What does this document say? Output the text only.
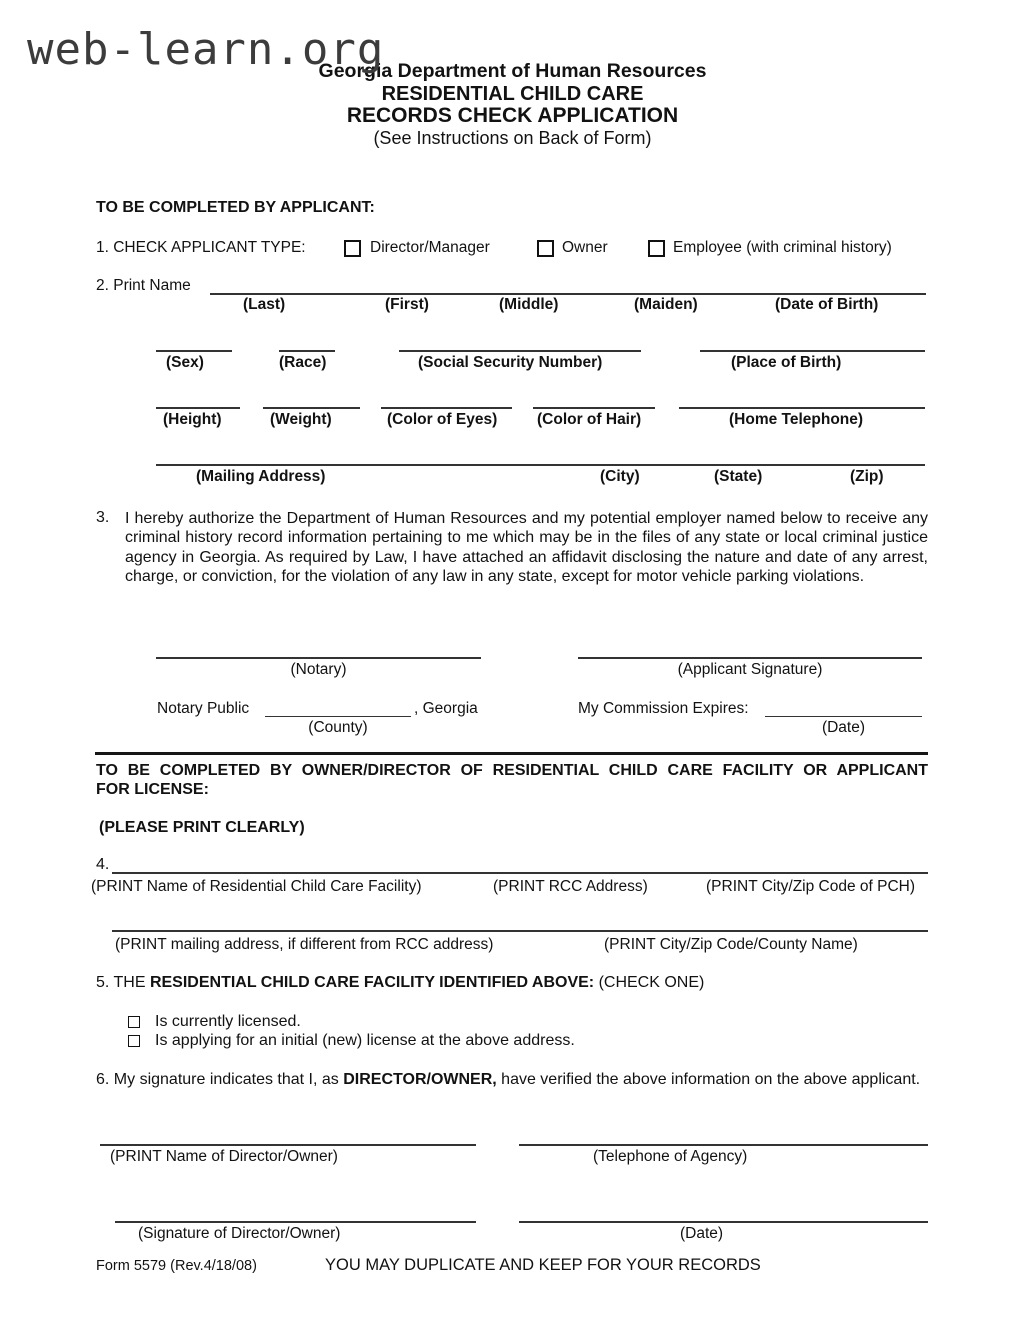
web-learn.org
Georgia Department of Human Resources
RESIDENTIAL CHILD CARE
RECORDS CHECK APPLICATION
(See Instructions on Back of Form)
TO BE COMPLETED BY APPLICANT:
1. CHECK APPLICANT TYPE:	Director/Manager	Owner	Employee (with criminal history)
2. Print Name
(Last)	(First)	(Middle)	(Maiden)	(Date of Birth)
(Sex)	(Race)	(Social Security Number)	(Place of Birth)
(Height)	(Weight)	(Color of Eyes)	(Color of Hair)	(Home Telephone)
(Mailing Address)	(City)	(State)	(Zip)
3. I hereby authorize the Department of Human Resources and my potential employer named below to receive any criminal history record information pertaining to me which may be in the files of any state or local criminal justice agency in Georgia. As required by Law, I have attached an affidavit disclosing the nature and date of any arrest, charge, or conviction, for the violation of any law in any state, except for motor vehicle parking violations.
(Notary)	(Applicant Signature)
Notary Public	, Georgia
(County)
My Commission Expires:
(Date)
TO BE COMPLETED BY OWNER/DIRECTOR OF RESIDENTIAL CHILD CARE FACILITY OR APPLICANT
FOR LICENSE:
(PLEASE PRINT CLEARLY)
4.
(PRINT Name of Residential Child Care Facility)	(PRINT RCC Address)	(PRINT City/Zip Code of PCH)
(PRINT mailing address, if different from RCC address)	(PRINT City/Zip Code/County Name)
5. THE RESIDENTIAL CHILD CARE FACILITY IDENTIFIED ABOVE: (CHECK ONE)
Is currently licensed.
Is applying for an initial (new) license at the above address.
6. My signature indicates that I, as DIRECTOR/OWNER, have verified the above information on the above applicant.
(PRINT Name of Director/Owner)	(Telephone of Agency)
(Signature of Director/Owner)	(Date)
Form 5579 (Rev.4/18/08)	YOU MAY DUPLICATE AND KEEP FOR YOUR RECORDS
